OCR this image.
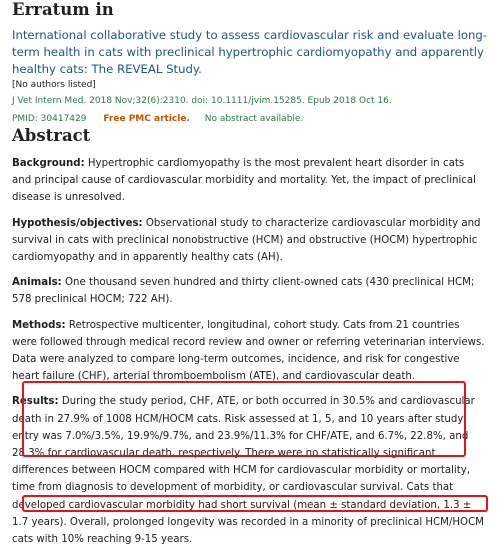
Erratum in
International collaborative study to assess cardiovascular risk and evaluate long-term health in cats with preclinical hypertrophic cardiomyopathy and apparently healthy cats: The REVEAL Study.
[No authors listed]
J Vet Intern Med. 2018 Nov;32(6):2310. doi: 10.1111/jvim.15285. Epub 2018 Oct 16.
PMID: 30417429 Free PMC article. No abstract available.
Abstract

Background: Hypertrophic cardiomyopathy is the most prevalent heart disorder in cats and principal cause of cardiovascular morbidity and mortality. Yet, the impact of preclinical disease is unresolved.

Hypothesis/objectives: Observational study to characterize cardiovascular morbidity and survival in cats with preclinical nonobstructive (HCM) and obstructive (HOCM) hypertrophic cardiomyopathy and in apparently healthy cats (AH).

Animals: One thousand seven hundred and thirty client-owned cats (430 preclinical HCM; 578 preclinical HOCM; 722 AH).

Methods: Retrospective multicenter, longitudinal, cohort study. Cats from 21 countries were followed through medical record review and owner or referring veterinarian interviews. Data were analyzed to compare long-term outcomes, incidence, and risk for congestive heart failure (CHF), arterial thromboembolism (ATE), and cardiovascular death.

Results: During the study period, CHF, ATE, or both occurred in 30.5% and cardiovascular death in 27.9% of 1008 HCM/HOCM cats. Risk assessed at 1, 5, and 10 years after study entry was 7.0%/3.5%, 19.9%/9.7%, and 23.9%/11.3% for CHF/ATE, and 6.7%, 22.8%, and 28.3% for cardiovascular death, respectively. There were no statistically significant differences between HOCM compared with HCM for cardiovascular morbidity or mortality, time from diagnosis to development of morbidity, or cardiovascular survival. Cats that developed cardiovascular morbidity had short survival (mean ± standard deviation, 1.3 ± 1.7 years). Overall, prolonged longevity was recorded in a minority of preclinical HCM/HOCM cats with 10% reaching 9-15 years.
